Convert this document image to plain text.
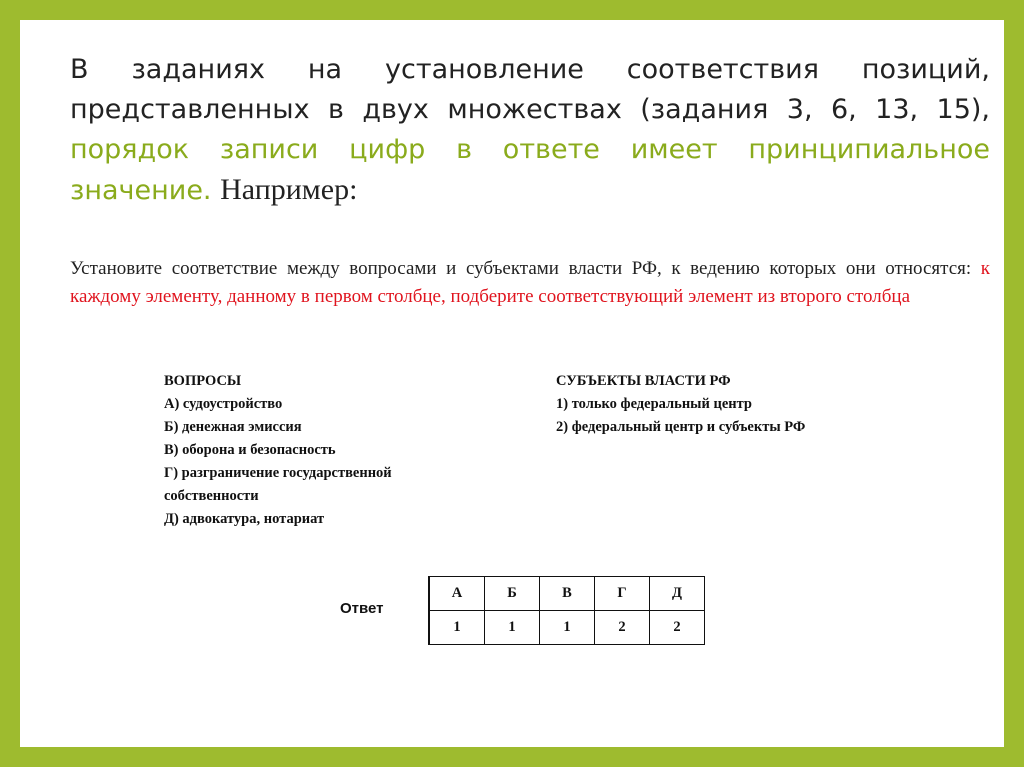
В заданиях на установление соответствия позиций, представленных в двух множествах (задания 3, 6, 13, 15), порядок записи цифр в ответе имеет принципиальное значение. Например:
Установите соответствие между вопросами и субъектами власти РФ, к ведению которых они относятся: к каждому элементу, данному в первом столбце, подберите соответствующий элемент из второго столбца
ВОПРОСЫ
А) судоустройство
Б) денежная эмиссия
В) оборона и безопасность
Г) разграничение государственной
собственности
Д) адвокатура, нотариат
СУБЪЕКТЫ ВЛАСТИ РФ
1) только федеральный центр
2) федеральный центр и субъекты РФ
Ответ
А	Б	В	Г	Д
1	1	1	2	2
